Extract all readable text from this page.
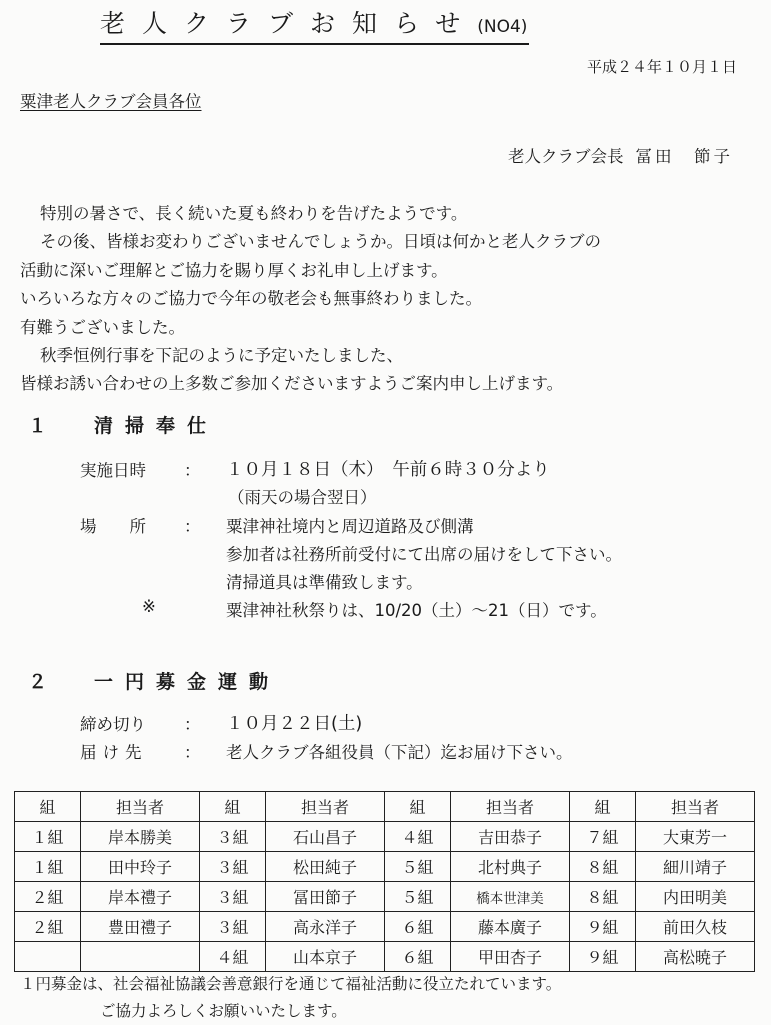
老人クラブお知らせ(NO4)
平成２４年１０月１日
粟津老人クラブ会員各位
老人クラブ会長 冨田　節子
特別の暑さで、長く続いた夏も終わりを告げたようです。
その後、皆様お変わりございませんでしょうか。日頃は何かと老人クラブの
活動に深いご理解とご協力を賜り厚くお礼申し上げます。
いろいろな方々のご協力で今年の敬老会も無事終わりました。
有難うございました。
秋季恒例行事を下記のように予定いたしました、
皆様お誘い合わせの上多数ご参加くださいますようご案内申し上げます。
１ 清掃奉仕
実施日時 ： １０月１８日（木）　午前６時３０分より
（雨天の場合翌日）
場　　所 ： 粟津神社境内と周辺道路及び側溝
参加者は社務所前受付にて出席の届けをして下さい。
清掃道具は準備致します。
※	粟津神社秋祭りは、10/20（土）～21（日）です。
２ 一円募金運動
締め切り ： １０月２２日(土)
届け先 ： 老人クラブ各組役員（下記）迄お届け下さい。
組	担当者	組	担当者	組	担当者	組	担当者
１組	岸本勝美	３組	石山昌子	４組	吉田恭子	７組	大東芳一
１組	田中玲子	３組	松田純子	５組	北村典子	８組	細川靖子
２組	岸本禮子	３組	冨田節子	５組	橋本世津美	８組	内田明美
２組	豊田禮子	３組	高永洋子	６組	藤本廣子	９組	前田久枝
		４組	山本京子	６組	甲田杏子	９組	高松暁子
１円募金は、社会福祉協議会善意銀行を通じて福祉活動に役立たれています。
ご協力よろしくお願いいたします。
